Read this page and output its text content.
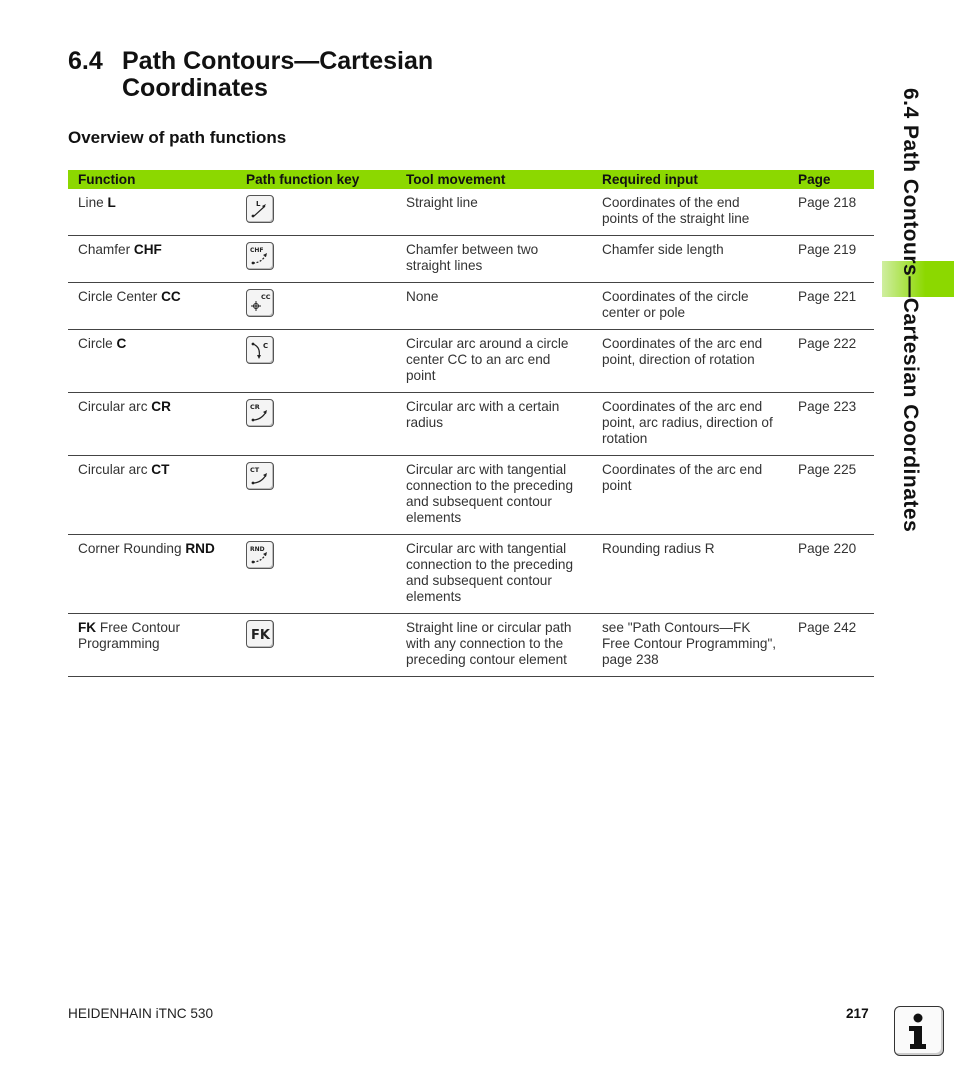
6.4 Path Contours—Cartesian
Coordinates
Overview of path functions
Function	Path function key	Tool movement	Required input	Page
Line L	L	Straight line	Coordinates of the end points of the straight line	Page 218
Chamfer CHF	CHF	Chamfer between two straight lines	Chamfer side length	Page 219
Circle Center CC	CC	None	Coordinates of the circle center or pole	Page 221
Circle C	C	Circular arc around a circle center CC to an arc end point	Coordinates of the arc end point, direction of rotation	Page 222
Circular arc CR	CR	Circular arc with a certain radius	Coordinates of the arc end point, arc radius, direction of rotation	Page 223
Circular arc CT	CT	Circular arc with tangential connection to the preceding and subsequent contour elements	Coordinates of the arc end point	Page 225
Corner Rounding RND	RND	Circular arc with tangential connection to the preceding and subsequent contour elements	Rounding radius R	Page 220
FK Free Contour Programming	FK	Straight line or circular path with any connection to the preceding contour element	see "Path Contours—FK Free Contour Programming", page 238	Page 242
6.4 Path Contours—Cartesian Coordinates
HEIDENHAIN iTNC 530	217
